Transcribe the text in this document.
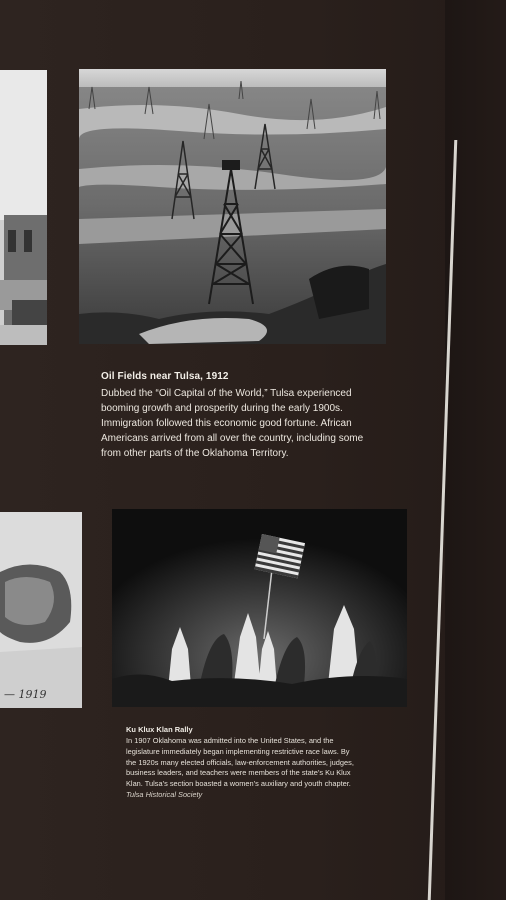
Oil Fields near Tulsa, 1912
Dubbed the “Oil Capital of the World,” Tulsa experienced
booming growth and prosperity during the early 1900s.
Immigration followed this economic good fortune. African
Americans arrived from all over the country, including some
from other parts of the Oklahoma Territory.
— 1919
Ku Klux Klan Rally
In 1907 Oklahoma was admitted into the United States, and the
legislature immediately began implementing restrictive race laws. By
the 1920s many elected officials, law-enforcement authorities, judges,
business leaders, and teachers were members of the state’s Ku Klux
Klan. Tulsa’s section boasted a women’s auxiliary and youth chapter.
Tulsa Historical Society
